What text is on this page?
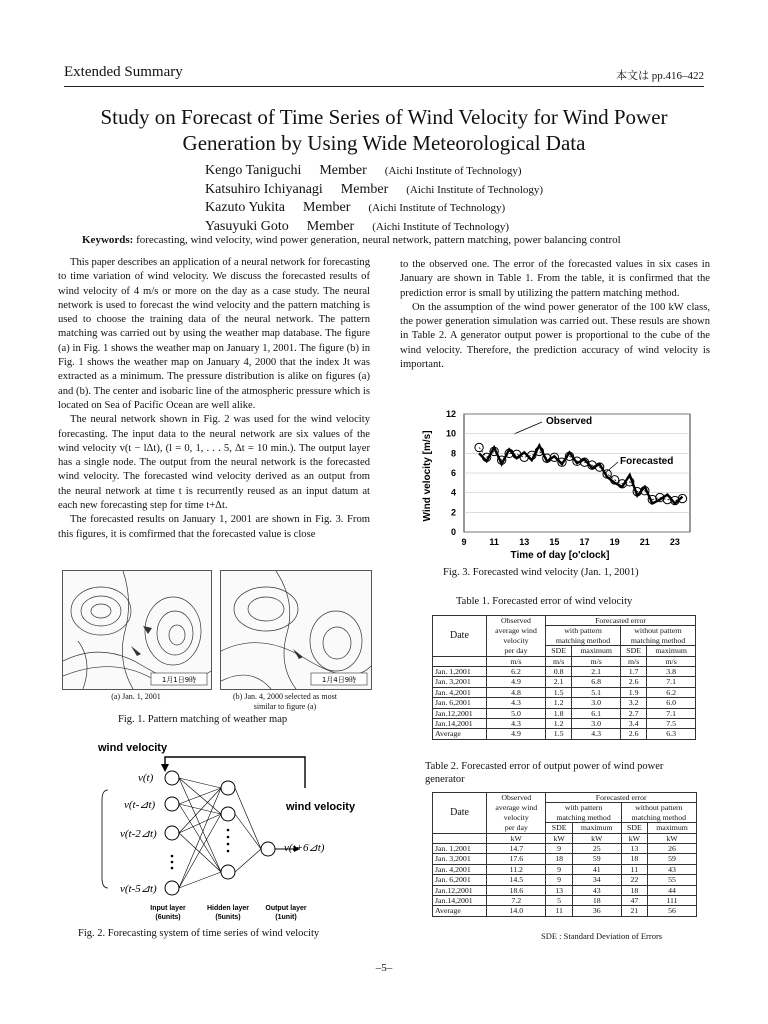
Extended Summary	本文は pp.416–422
Study on Forecast of Time Series of Wind Velocity for Wind Power Generation by Using Wide Meteorological Data
Kengo Taniguchi Member (Aichi Institute of Technology)
Katsuhiro Ichiyanagi Member (Aichi Institute of Technology)
Kazuto Yukita Member (Aichi Institute of Technology)
Yasuyuki Goto Member (Aichi Institute of Technology)
Keywords: forecasting, wind velocity, wind power generation, neural network, pattern matching, power balancing control

This paper describes an application of a neural network for forecasting to time variation of wind velocity. We discuss the forecasted results of wind velocity of 4 m/s or more on the day as a case study. The neural network is used to forecast the wind velocity and the pattern matching is used to choose the training data of the neural network. The pattern matching was carried out by using the weather map database. The figure (a) in Fig. 1 shows the weather map on January 1, 2001. The figure (b) in Fig. 1 shows the weather map on January 4, 2000 that the index Jt was extracted as a minimum. The pressure distribution is alike on figures (a) and (b). The center and isobaric line of the atmospheric pressure which is located on Sea of Pacific Ocean are well alike.

The neural network shown in Fig. 2 was used for the wind velocity forecasting. The input data to the neural network are six values of the wind velocity v(t − lΔt), (l = 0, 1, . . . 5, Δt = 10 min.). The output layer has a single node. The output from the neural network is the forecasted wind velocity. The forecasted wind velocity derived as an output from the neural network at time t is recurrently reused as an input datum at each new forecasting step for time t+Δt.

The forecasted results on January 1, 2001 are shown in Fig. 3. From this figures, it is comfirmed that the forecasted value is close

to the observed one. The error of the forecasted values in six cases in January are shown in Table 1. From the table, it is confirmed that the prediction error is small by utilizing the pattern matching method.

On the assumption of the wind power generator of the 100 kW class, the power generation simulation was carried out. These resuls are shown in Table 2. A generator output power is proportional to the cube of the wind velocity. Therefore, the prediction accuracy of wind velocity is important.

1月1日9時	1月4日9時
(a) Jan. 1, 2001	(b) Jan. 4, 2000 selected as most similar to figure (a)
Fig. 1. Pattern matching of weather map
wind velocity
v(t)
v(t-⊿t)
v(t-2⊿t)
v(t-5⊿t)
v(t+6⊿t)
wind velocity
Input layer
(6units)
Hidden layer
(5units)
Output layer
(1unit)
Fig. 2. Forecasting system of time series of wind velocity
Observed
Forecasted
Time of day [o'clock]
Wind velocity [m/s]
0
2
4
6
8
10
12
9	11 13 15 17 19 21 23
Fig. 3. Forecasted wind velocity (Jan. 1, 2001)
Table 1. Forecasted error of wind velocity
Date	Observed	Forecasted error			
	average wind	with pattern		without pattern	
	velocity	matching method		matching method	
	per day	SDE	maximum	SDE	maximum
	m/s	m/s	m/s	m/s	m/s
Jan. 1,2001	6.2	0.8	2.1	1.7	3.8
Jan. 3,2001	4.9	2.1	6.8	2.6	7.1
Jan. 4,2001	4.8	1.5	5.1	1.9	6.2
Jan. 6,2001	4.3	1.2	3.0	3.2	6.0
Jan.12,2001	5.0	1.8	6.1	2.7	7.1
Jan.14,2001	4.3	1.2	3.0	3.4	7.5
Average	4.9	1.5	4.3	2.6	6.3
Table 2. Forecasted error of output power of wind power generator
Date	Observed	Forecasted error			
	average wind	with pattern		without pattern	
	velocity	matching method		matching method	
	per day	SDE	maximum	SDE	maximum
	kW	kW	kW	kW	kW
Jan. 1,2001	14.7	9	25	13	26
Jan. 3,2001	17.6	18	59	18	59
Jan. 4,2001	11.2	9	41	11	43
Jan. 6,2001	14.5	9	34	22	55
Jan.12,2001	18.6	13	43	18	44
Jan.14,2001	7.2	5	18	47	111
Average	14.0	11	36	21	56
SDE : Standard Deviation of Errors
–5–
